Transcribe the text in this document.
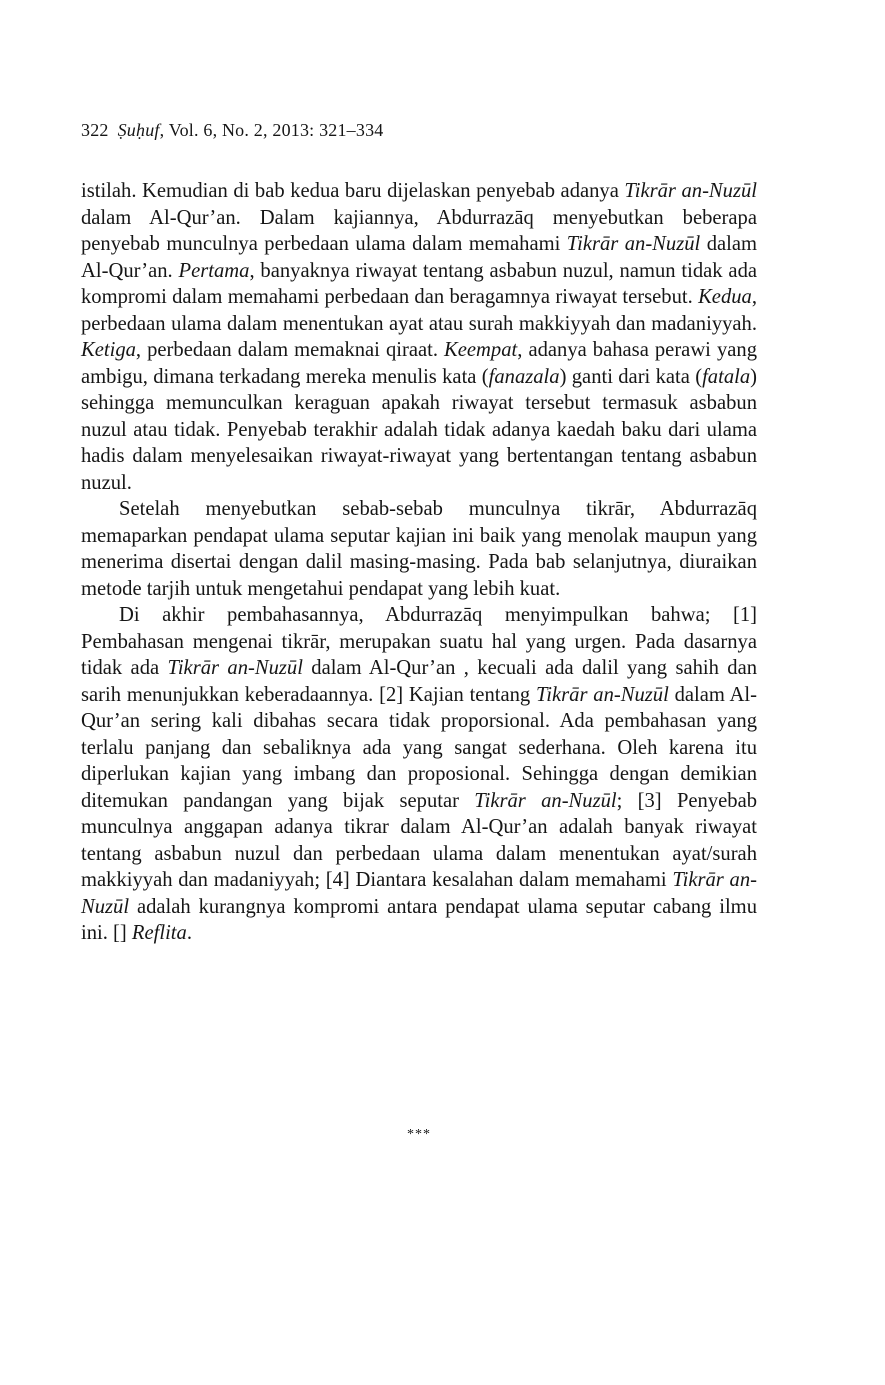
322 Ṣuḥuf, Vol. 6, No. 2, 2013: 321–334

istilah. Kemudian di bab kedua baru dijelaskan penyebab adanya Tikrār an-Nuzūl dalam Al-Qur’an. Dalam kajiannya, Abdurrazāq menyebutkan beberapa penyebab munculnya perbedaan ulama dalam memahami Tikrār an-Nuzūl dalam Al-Qur’an. Pertama, banyaknya riwayat tentang asbabun nuzul, namun tidak ada kompromi dalam memahami perbedaan dan beragamnya riwayat tersebut. Kedua, perbedaan ulama dalam menentukan ayat atau surah makkiyyah dan madaniyyah. Ketiga, perbedaan dalam memaknai qiraat. Keempat, adanya bahasa perawi yang ambigu, dimana terkadang mereka menulis kata (fanazala) ganti dari kata (fatala) sehingga memunculkan keraguan apakah riwayat tersebut termasuk asbabun nuzul atau tidak. Penyebab terakhir adalah tidak adanya kaedah baku dari ulama hadis dalam menyelesaikan riwayat-riwayat yang bertentangan tentang asbabun nuzul.

Setelah menyebutkan sebab-sebab munculnya tikrār, Abdurrazāq memaparkan pendapat ulama seputar kajian ini baik yang menolak maupun yang menerima disertai dengan dalil masing-masing. Pada bab selanjutnya, diuraikan metode tarjih untuk mengetahui pendapat yang lebih kuat.

Di akhir pembahasannya, Abdurrazāq menyimpulkan bahwa; [1] Pembahasan mengenai tikrār, merupakan suatu hal yang urgen. Pada dasarnya tidak ada Tikrār an-Nuzūl dalam Al-Qur’an , kecuali ada dalil yang sahih dan sarih menunjukkan keberadaannya. [2] Kajian tentang Tikrār an-Nuzūl dalam Al-Qur’an sering kali dibahas secara tidak proporsional. Ada pembahasan yang terlalu panjang dan sebaliknya ada yang sangat sederhana. Oleh karena itu diperlukan kajian yang imbang dan proposional. Sehingga dengan demikian ditemukan pandangan yang bijak seputar Tikrār an-Nuzūl; [3] Penyebab munculnya anggapan adanya tikrar dalam Al-Qur’an adalah banyak riwayat tentang asbabun nuzul dan perbedaan ulama dalam menentukan ayat/surah makkiyyah dan madaniyyah; [4] Diantara kesalahan dalam memahami Tikrār an-Nuzūl adalah kurangnya kompromi antara pendapat ulama seputar cabang ilmu ini. [] Reflita.

***
